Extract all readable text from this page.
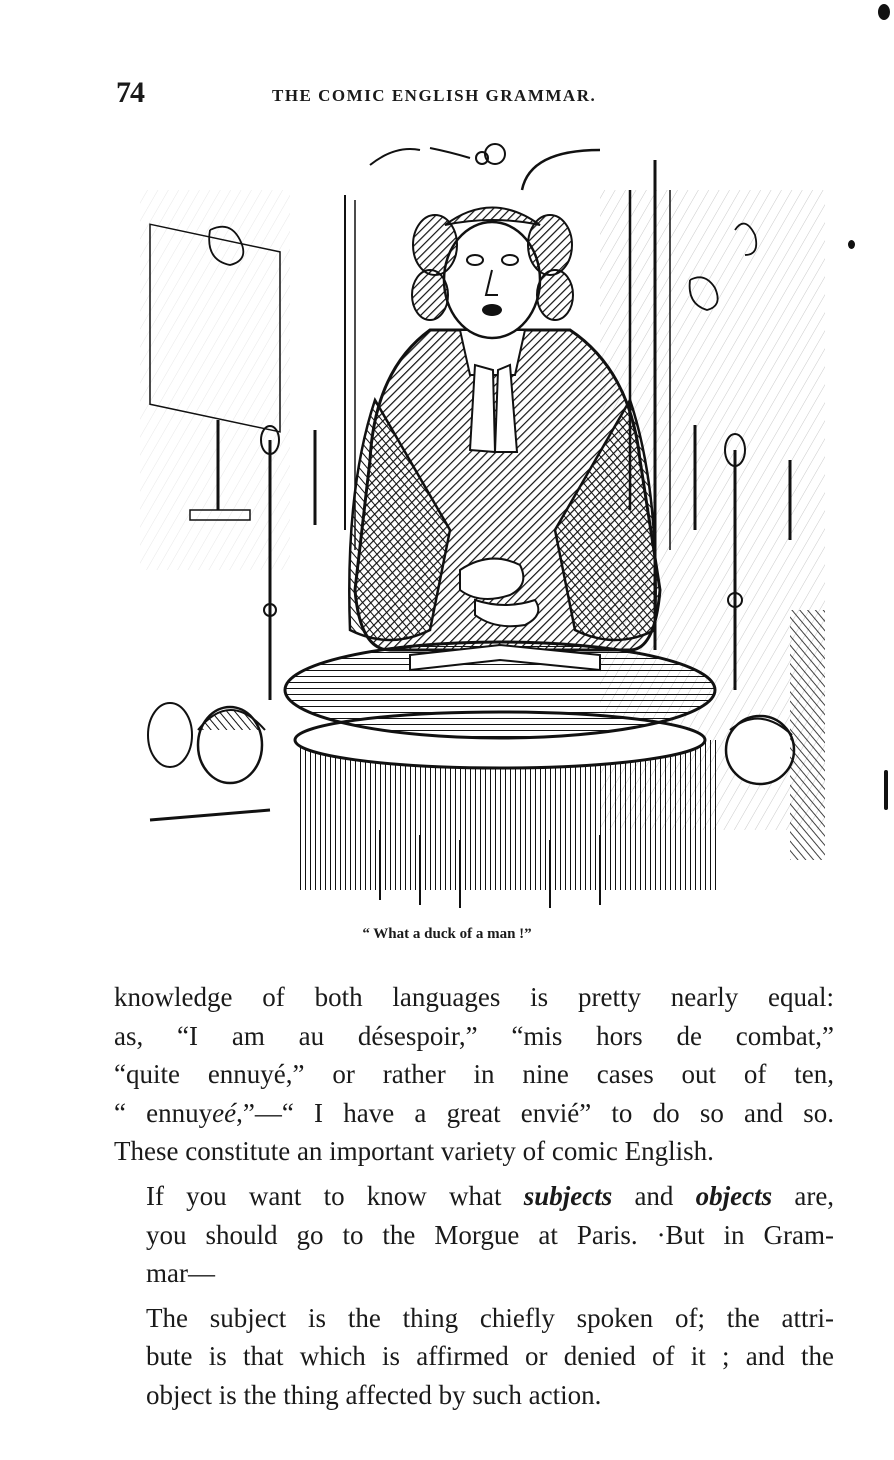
74	THE COMIC ENGLISH GRAMMAR.
“ What a duck of a man !”

knowledge of both languages is pretty nearly equal:
as, “I am au désespoir,” “mis hors de combat,”
“quite ennuyé,” or rather in nine cases out of ten,
“ ennuyeé,”—“ I have a great envié” to do so and so.
These constitute an important variety of comic English.

If you want to know what subjects and objects are,
you should go to the Morgue at Paris. ·But in Gram-
mar—

The subject is the thing chiefly spoken of; the attri-
bute is that which is affirmed or denied of it ; and the
object is the thing affected by such action.
